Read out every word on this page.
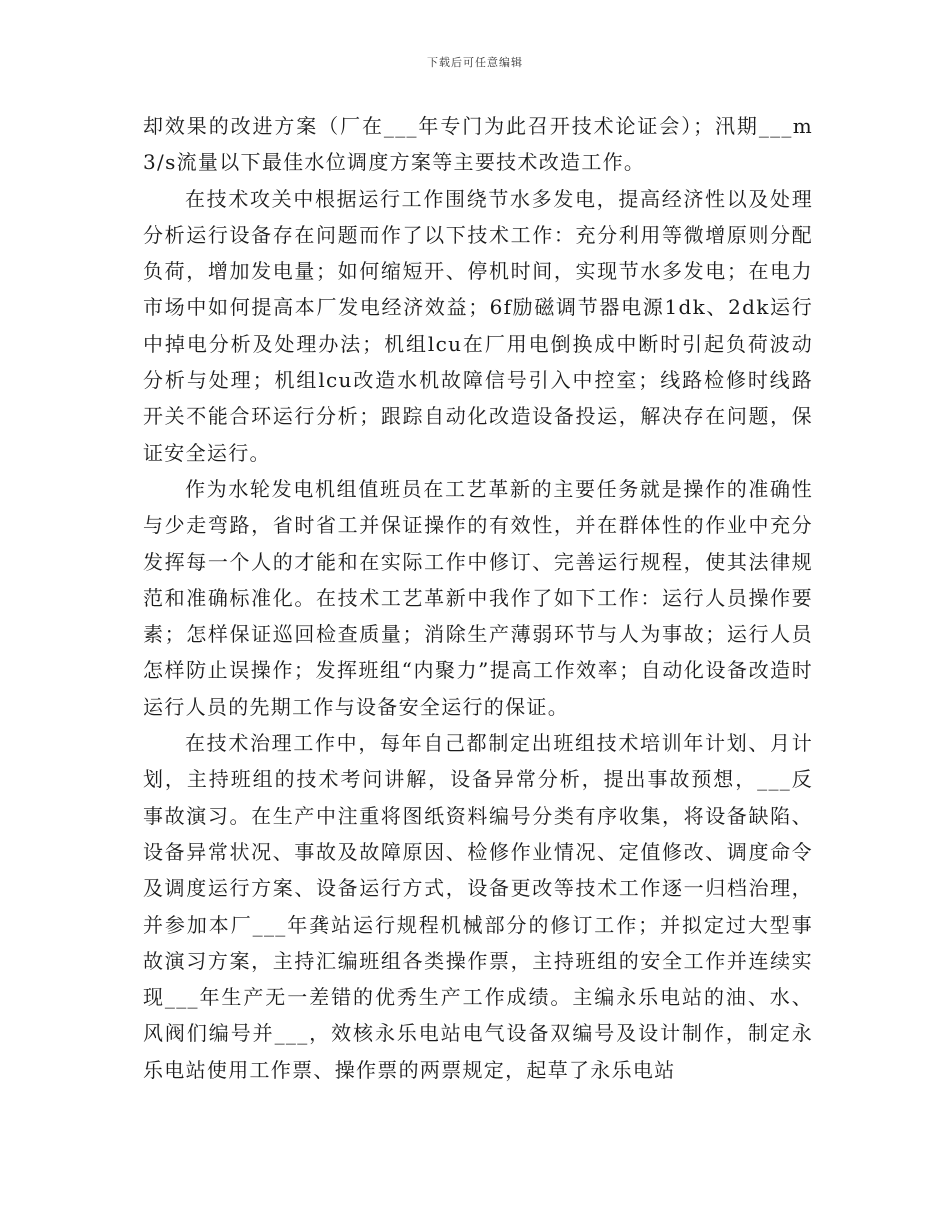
下载后可任意编辑

却效果的改进方案（厂在___年专门为此召开技术论证会）；汛期___m3/s流量以下最佳水位调度方案等主要技术改造工作。

在技术攻关中根据运行工作围绕节水多发电，提高经济性以及处理分析运行设备存在问题而作了以下技术工作：充分利用等微增原则分配负荷，增加发电量；如何缩短开、停机时间，实现节水多发电；在电力市场中如何提高本厂发电经济效益；6f励磁调节器电源1dk、2dk运行中掉电分析及处理办法；机组lcu在厂用电倒换成中断时引起负荷波动分析与处理；机组lcu改造水机故障信号引入中控室；线路检修时线路开关不能合环运行分析；跟踪自动化改造设备投运，解决存在问题，保证安全运行。

作为水轮发电机组值班员在工艺革新的主要任务就是操作的准确性与少走弯路，省时省工并保证操作的有效性，并在群体性的作业中充分发挥每一个人的才能和在实际工作中修订、完善运行规程，使其法律规范和准确标准化。在技术工艺革新中我作了如下工作：运行人员操作要素；怎样保证巡回检查质量；消除生产薄弱环节与人为事故；运行人员怎样防止误操作；发挥班组“内聚力”提高工作效率；自动化设备改造时运行人员的先期工作与设备安全运行的保证。

在技术治理工作中，每年自己都制定出班组技术培训年计划、月计划，主持班组的技术考问讲解，设备异常分析，提出事故预想，___反事故演习。在生产中注重将图纸资料编号分类有序收集，将设备缺陷、设备异常状况、事故及故障原因、检修作业情况、定值修改、调度命令及调度运行方案、设备运行方式，设备更改等技术工作逐一归档治理，并参加本厂___年龚站运行规程机械部分的修订工作；并拟定过大型事故演习方案，主持汇编班组各类操作票，主持班组的安全工作并连续实现___年生产无一差错的优秀生产工作成绩。主编永乐电站的油、水、风阀们编号并___，效核永乐电站电气设备双编号及设计制作，制定永乐电站使用工作票、操作票的两票规定，起草了永乐电站
